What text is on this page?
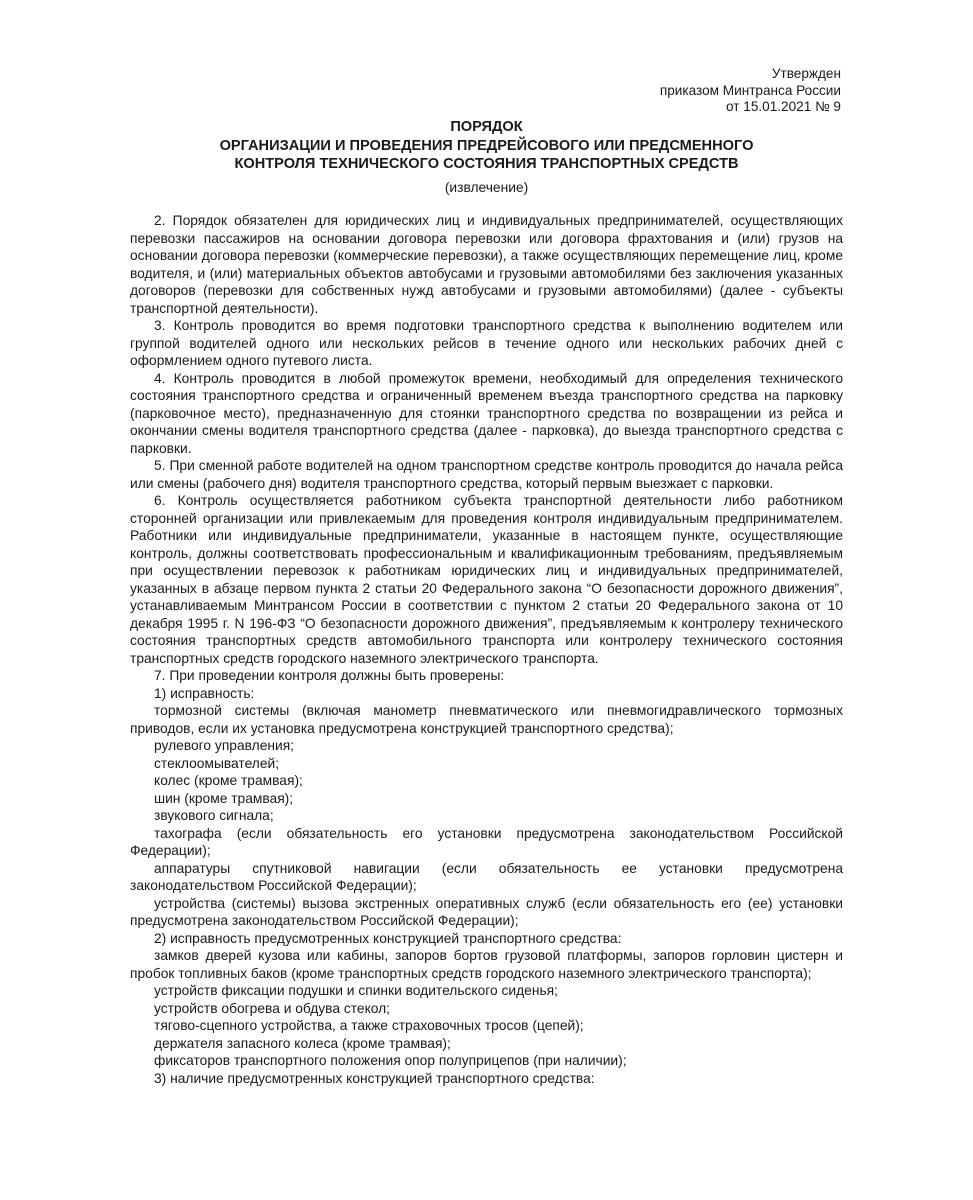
Утвержден
приказом Минтранса России
от 15.01.2021 № 9
ПОРЯДОК
ОРГАНИЗАЦИИ И ПРОВЕДЕНИЯ ПРЕДРЕЙСОВОГО ИЛИ ПРЕДСМЕННОГО
КОНТРОЛЯ ТЕХНИЧЕСКОГО СОСТОЯНИЯ ТРАНСПОРТНЫХ СРЕДСТВ
(извлечение)

2. Порядок обязателен для юридических лиц и индивидуальных предпринимателей, осуществляющих перевозки пассажиров на основании договора перевозки или договора фрахтования и (или) грузов на основании договора перевозки (коммерческие перевозки), а также осуществляющих перемещение лиц, кроме водителя, и (или) материальных объектов автобусами и грузовыми автомобилями без заключения указанных договоров (перевозки для собственных нужд автобусами и грузовыми автомобилями) (далее - субъекты транспортной деятельности).

3. Контроль проводится во время подготовки транспортного средства к выполнению водителем или группой водителей одного или нескольких рейсов в течение одного или нескольких рабочих дней с оформлением одного путевого листа.

4. Контроль проводится в любой промежуток времени, необходимый для определения технического состояния транспортного средства и ограниченный временем въезда транспортного средства на парковку (парковочное место), предназначенную для стоянки транспортного средства по возвращении из рейса и окончании смены водителя транспортного средства (далее - парковка), до выезда транспортного средства с парковки.

5. При сменной работе водителей на одном транспортном средстве контроль проводится до начала рейса или смены (рабочего дня) водителя транспортного средства, который первым выезжает с парковки.

6. Контроль осуществляется работником субъекта транспортной деятельности либо работником сторонней организации или привлекаемым для проведения контроля индивидуальным предпринимателем. Работники или индивидуальные предприниматели, указанные в настоящем пункте, осуществляющие контроль, должны соответствовать профессиональным и квалификационным требованиям, предъявляемым при осуществлении перевозок к работникам юридических лиц и индивидуальных предпринимателей, указанных в абзаце первом пункта 2 статьи 20 Федерального закона “О безопасности дорожного движения”, устанавливаемым Минтрансом России в соответствии с пунктом 2 статьи 20 Федерального закона от 10 декабря 1995 г. N 196-ФЗ “О безопасности дорожного движения”, предъявляемым к контролеру технического состояния транспортных средств автомобильного транспорта или контролеру технического состояния транспортных средств городского наземного электрического транспорта.

7. При проведении контроля должны быть проверены:

1) исправность:

тормозной системы (включая манометр пневматического или пневмогидравлического тормозных приводов, если их установка предусмотрена конструкцией транспортного средства);

рулевого управления;

стеклоомывателей;

колес (кроме трамвая);

шин (кроме трамвая);

звукового сигнала;

тахографа (если обязательность его установки предусмотрена законодательством Российской Федерации);

аппаратуры спутниковой навигации (если обязательность ее установки предусмотрена законодательством Российской Федерации);

устройства (системы) вызова экстренных оперативных служб (если обязательность его (ее) установки предусмотрена законодательством Российской Федерации);

2) исправность предусмотренных конструкцией транспортного средства:

замков дверей кузова или кабины, запоров бортов грузовой платформы, запоров горловин цистерн и пробок топливных баков (кроме транспортных средств городского наземного электрического транспорта);

устройств фиксации подушки и спинки водительского сиденья;

устройств обогрева и обдува стекол;

тягово-сцепного устройства, а также страховочных тросов (цепей);

держателя запасного колеса (кроме трамвая);

фиксаторов транспортного положения опор полуприцепов (при наличии);

3) наличие предусмотренных конструкцией транспортного средства:
